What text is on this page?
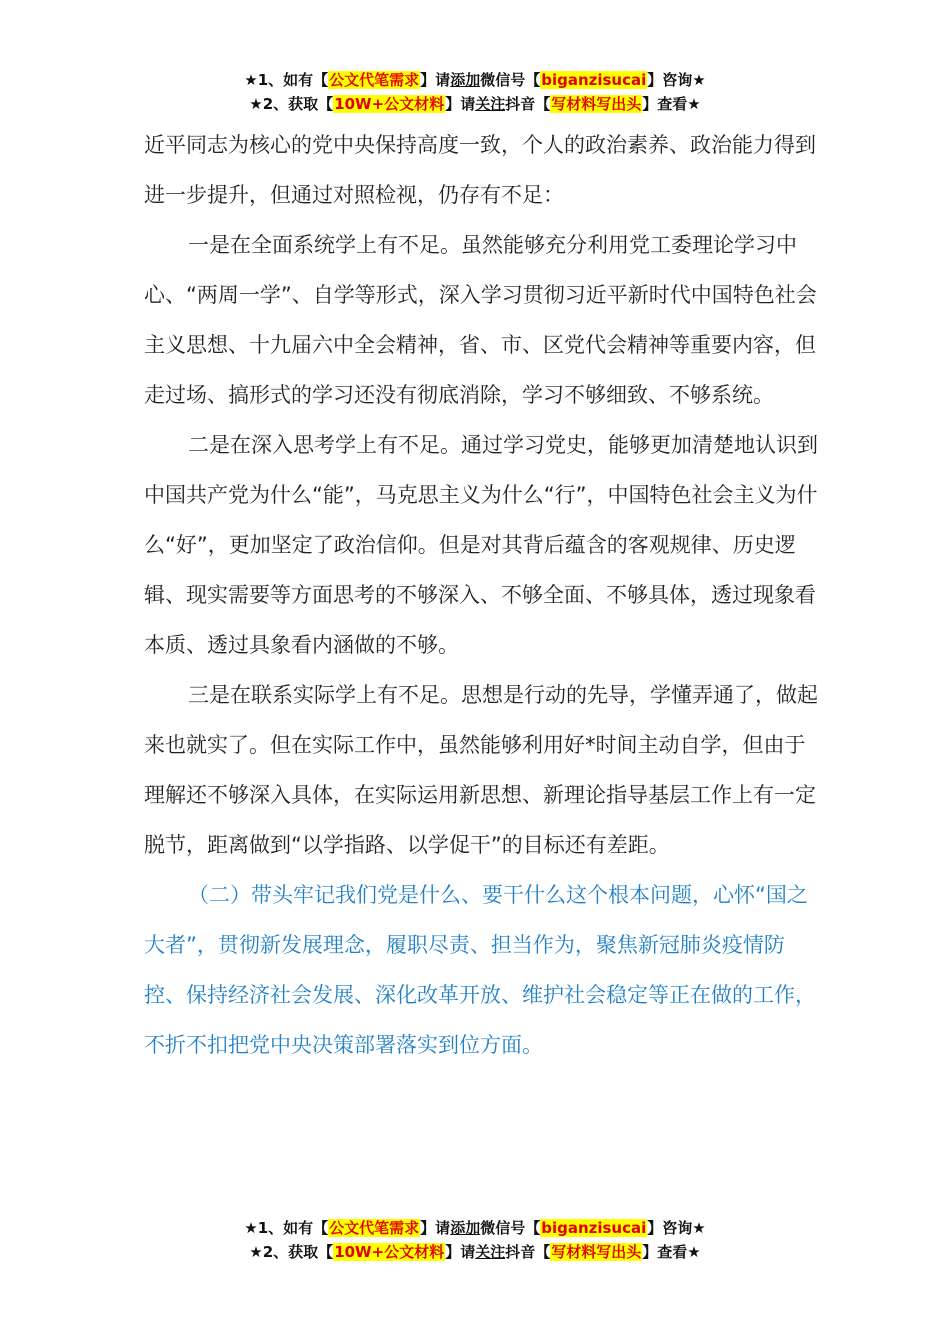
★1、如有【公文代笔需求】请添加微信号【biganzisucai】咨询★
★2、获取【10W+公文材料】请关注抖音【写材料写出头】查看★

近平同志为核心的党中央保持高度一致，个人的政治素养、政治能力得到进一步提升，但通过对照检视，仍存有不足：

一是在全面系统学上有不足。虽然能够充分利用党工委理论学习中心、“两周一学”、自学等形式，深入学习贯彻习近平新时代中国特色社会主义思想、十九届六中全会精神，省、市、区党代会精神等重要内容，但走过场、搞形式的学习还没有彻底消除，学习不够细致、不够系统。

二是在深入思考学上有不足。通过学习党史，能够更加清楚地认识到中国共产党为什么“能”，马克思主义为什么“行”，中国特色社会主义为什么“好”，更加坚定了政治信仰。但是对其背后蕴含的客观规律、历史逻辑、现实需要等方面思考的不够深入、不够全面、不够具体，透过现象看本质、透过具象看内涵做的不够。

三是在联系实际学上有不足。思想是行动的先导，学懂弄通了，做起来也就实了。但在实际工作中，虽然能够利用好*时间主动自学，但由于理解还不够深入具体，在实际运用新思想、新理论指导基层工作上有一定脱节，距离做到“以学指路、以学促干”的目标还有差距。

（二）带头牢记我们党是什么、要干什么这个根本问题，心怀“国之大者”，贯彻新发展理念，履职尽责、担当作为，聚焦新冠肺炎疫情防控、保持经济社会发展、深化改革开放、维护社会稳定等正在做的工作，不折不扣把党中央决策部署落实到位方面。

★1、如有【公文代笔需求】请添加微信号【biganzisucai】咨询★
★2、获取【10W+公文材料】请关注抖音【写材料写出头】查看★
